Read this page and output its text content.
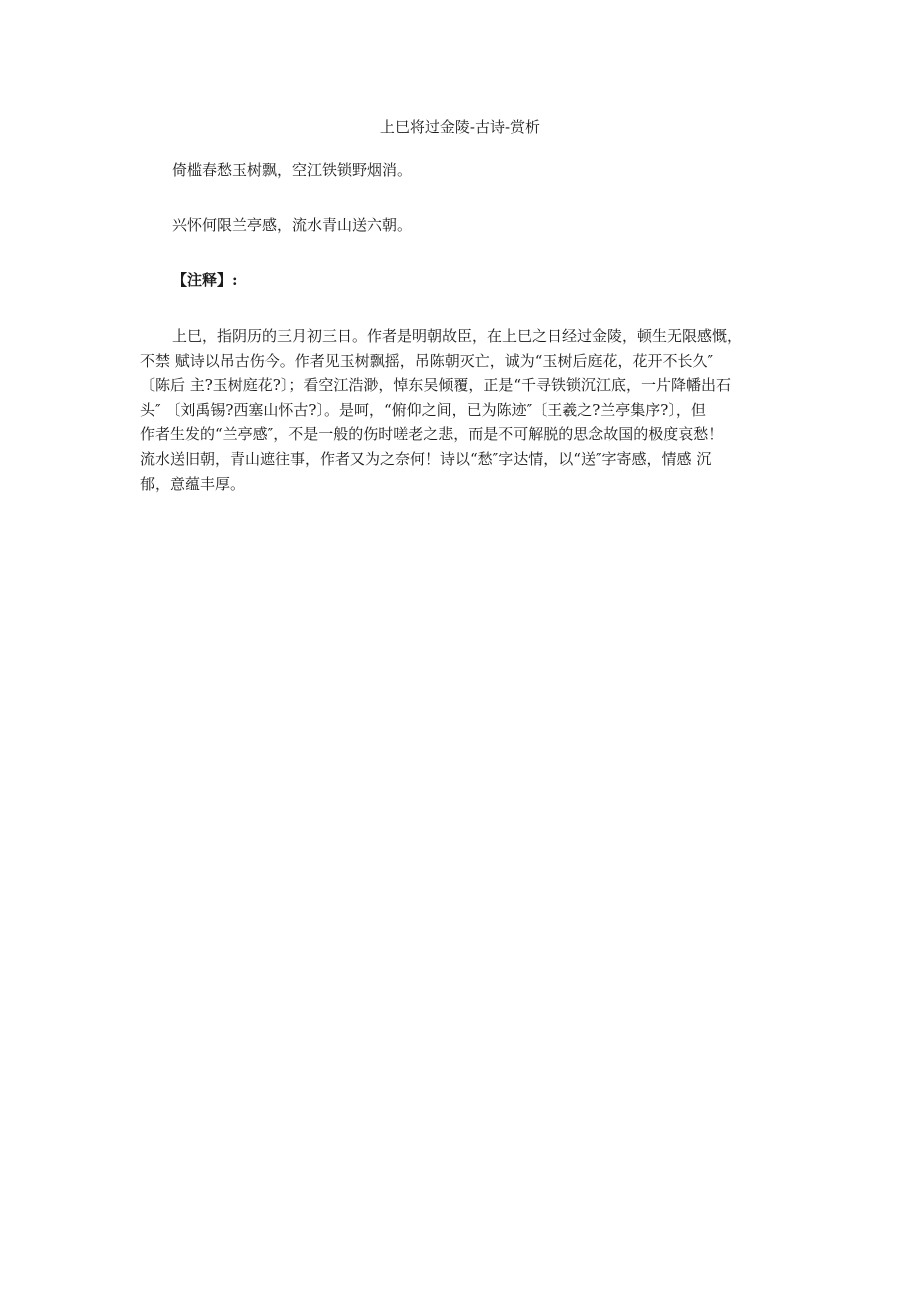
上巳将过金陵-古诗-赏析
倚槛春愁玉树飘，空江铁锁野烟消。
兴怀何限兰亭感，流水青山送六朝。
【注释】:
上巳，指阴历的三月初三日。作者是明朝故臣，在上巳之日经过金陵，顿生无限感慨，
不禁 赋诗以吊古伤今。作者见玉树飘摇，吊陈朝灭亡，诚为“玉树后庭花，花开不长久″
〔陈后 主?玉树庭花?〕；看空江浩渺，悼东吴倾覆，正是“千寻铁锁沉江底，一片降幡出石
头″ 〔刘禹锡?西塞山怀古?〕。是呵，“俯仰之间，已为陈迹″〔王羲之?兰亭集序?〕，但
作者生发的“兰亭感″，不是一般的伤时嗟老之悲，而是不可解脱的思念故国的极度哀愁！
流水送旧朝，青山遮往事，作者又为之奈何！诗以“愁″字达情，以“送″字寄感，情感 沉
郁，意蕴丰厚。
